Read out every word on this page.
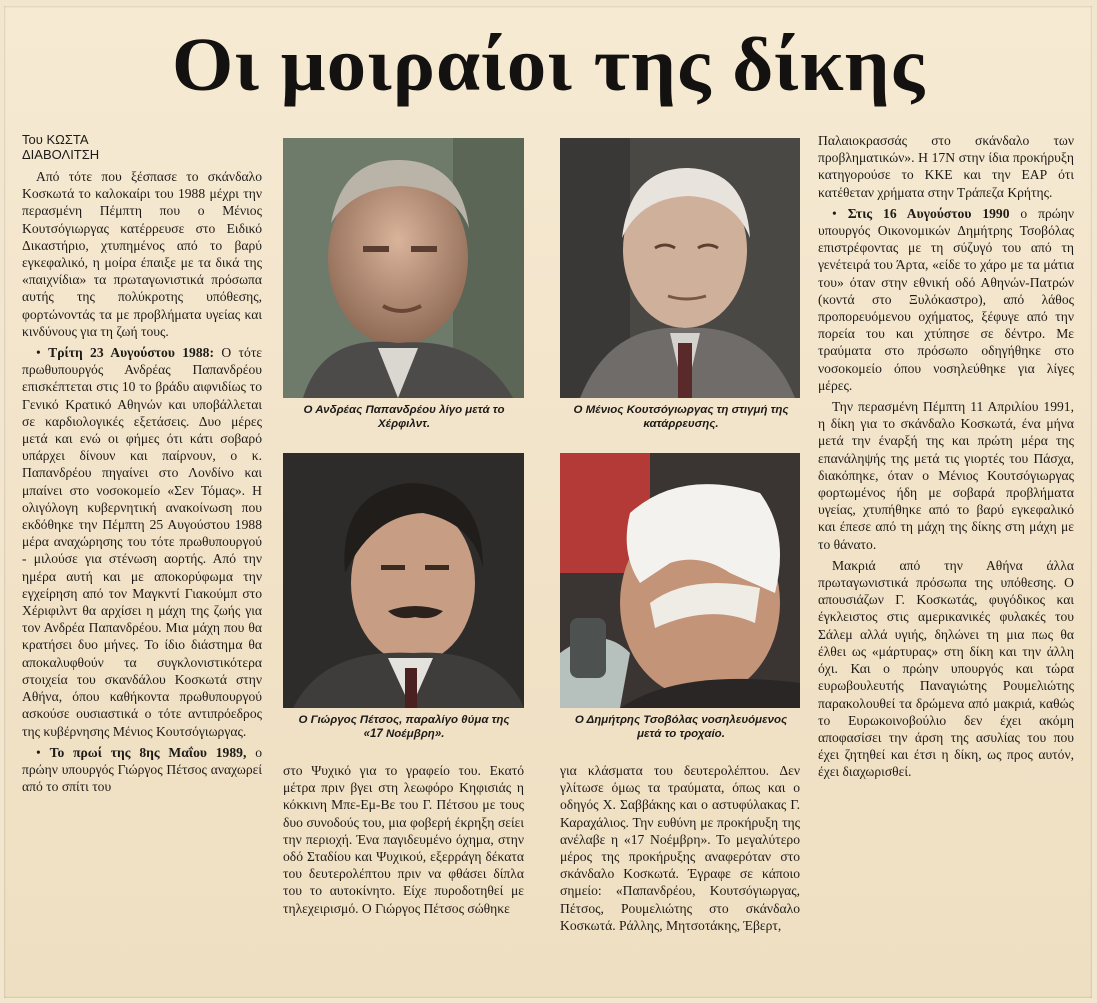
Οι μοιραίοι της δίκης
Του ΚΩΣΤΑ
ΔΙΑΒΟΛΙΤΣΗ

Από τότε που ξέσπασε το σκάνδαλο Κοσκωτά το καλοκαίρι του 1988 μέχρι την περασμένη Πέμπτη που ο Μένιος Κουτσόγιωργας κατέρρευσε στο Ειδικό Δικαστήριο, χτυπημένος από το βαρύ εγκεφαλικό, η μοίρα έπαιξε με τα δικά της «παιχνίδια» τα πρωταγωνιστικά πρόσωπα αυτής της πολύκροτης υπόθεσης, φορτώνοντάς τα με προβλήματα υγείας και κινδύνους για τη ζωή τους.

• Τρίτη 23 Αυγούστου 1988: Ο τότε πρωθυπουργός Ανδρέας Παπανδρέου επισκέπτεται στις 10 το βράδυ αιφνιδίως το Γενικό Κρατικό Αθηνών και υποβάλλεται σε καρδιολογικές εξετάσεις. Δυο μέρες μετά και ενώ οι φήμες ότι κάτι σοβαρό υπάρχει δίνουν και παίρνουν, ο κ. Παπανδρέου πηγαίνει στο Λονδίνο και μπαίνει στο νοσοκομείο «Σεν Τόμας». Η ολιγόλογη κυβερνητική ανακοίνωση που εκδόθηκε την Πέμπτη 25 Αυγούστου 1988 μέρα αναχώρησης του τότε πρωθυπουργού - μιλούσε για στένωση αορτής. Από την ημέρα αυτή και με αποκορύφωμα την εγχείρηση από τον Μαγκντί Γιακούμπ στο Χέριφιλντ θα αρχίσει η μάχη της ζωής για τον Ανδρέα Παπανδρέου. Μια μάχη που θα κρατήσει δυο μήνες. Το ίδιο διάστημα θα αποκαλυφθούν τα συγκλονιστικότερα στοιχεία του σκανδάλου Κοσκωτά στην Αθήνα, όπου καθήκοντα πρωθυπουργού ασκούσε ουσιαστικά ο τότε αντιπρόεδρος της κυβέρνησης Μένιος Κουτσόγιωργας.

• Το πρωί της 8ης Μαΐου 1989, ο πρώην υπουργός Γιώργος Πέτσος αναχωρεί από το σπίτι του

Ο Ανδρέας Παπανδρέου λίγο μετά το Χέρφιλντ.
Ο Μένιος Κουτσόγιωργας τη στιγμή της κατάρρευσης.
Ο Γιώργος Πέτσος, παραλίγο θύμα της «17 Νοέμβρη».
Ο Δημήτρης Τσοβόλας νοσηλευόμενος μετά το τροχαίο.

στο Ψυχικό για το γραφείο του. Εκατό μέτρα πριν βγει στη λεωφόρο Κηφισιάς η κόκκινη Μπε-Εμ-Βε του Γ. Πέτσου με τους δυο συνοδούς του, μια φοβερή έκρηξη σείει την περιοχή. Ένα παγιδευμένο όχημα, στην οδό Σταδίου και Ψυχικού, εξερράγη δέκατα του δευτερολέπτου πριν να φθάσει δίπλα του το αυτοκίνητο. Είχε πυροδοτηθεί με τηλεχειρισμό. Ο Γιώργος Πέτσος σώθηκε

για κλάσματα του δευτερολέπτου. Δεν γλίτωσε όμως τα τραύματα, όπως και ο οδηγός Χ. Σαββάκης και ο αστυφύλακας Γ. Καραχάλιος. Την ευθύνη με προκήρυξη της ανέλαβε η «17 Νοέμβρη». Το μεγαλύτερο μέρος της προκήρυξης αναφερόταν στο σκάνδαλο Κοσκωτά. Έγραφε σε κάποιο σημείο: «Παπανδρέου, Κουτσόγιωργας, Πέτσος, Ρουμελιώτης στο σκάνδαλο Κοσκωτά. Ράλλης, Μητσοτάκης, Έβερτ,

Παλαιοκρασσάς στο σκάνδαλο των προβληματικών». Η 17Ν στην ίδια προκήρυξη κατηγορούσε το ΚΚΕ και την ΕΑΡ ότι κατέθεταν χρήματα στην Τράπεζα Κρήτης.

• Στις 16 Αυγούστου 1990 ο πρώην υπουργός Οικονομικών Δημήτρης Τσοβόλας επιστρέφοντας με τη σύζυγό του από τη γενέτειρά του Άρτα, «είδε το χάρο με τα μάτια του» όταν στην εθνική οδό Αθηνών-Πατρών (κοντά στο Ξυλόκαστρο), από λάθος προπορευόμενου οχήματος, ξέφυγε από την πορεία του και χτύπησε σε δέντρο. Με τραύματα στο πρόσωπο οδηγήθηκε στο νοσοκομείο όπου νοσηλεύθηκε για λίγες μέρες.

Την περασμένη Πέμπτη 11 Απριλίου 1991, η δίκη για το σκάνδαλο Κοσκωτά, ένα μήνα μετά την έναρξή της και πρώτη μέρα της επανάληψής της μετά τις γιορτές του Πάσχα, διακόπηκε, όταν ο Μένιος Κουτσόγιωργας φορτωμένος ήδη με σοβαρά προβλήματα υγείας, χτυπήθηκε από το βαρύ εγκεφαλικό και έπεσε από τη μάχη της δίκης στη μάχη με το θάνατο.

Μακριά από την Αθήνα άλλα πρωταγωνιστικά πρόσωπα της υπόθεσης. Ο απουσιάζων Γ. Κοσκωτάς, φυγόδικος και έγκλειστος στις αμερικανικές φυλακές του Σάλεμ αλλά υγιής, δηλώνει τη μια πως θα έλθει ως «μάρτυρας» στη δίκη και την άλλη όχι. Και ο πρώην υπουργός και τώρα ευρωβουλευτής Παναγιώτης Ρουμελιώτης παρακολουθεί τα δρώμενα από μακριά, καθώς το Ευρωκοινοβούλιο δεν έχει ακόμη αποφασίσει την άρση της ασυλίας του που έχει ζητηθεί και έτσι η δίκη, ως προς αυτόν, έχει διαχωρισθεί.
